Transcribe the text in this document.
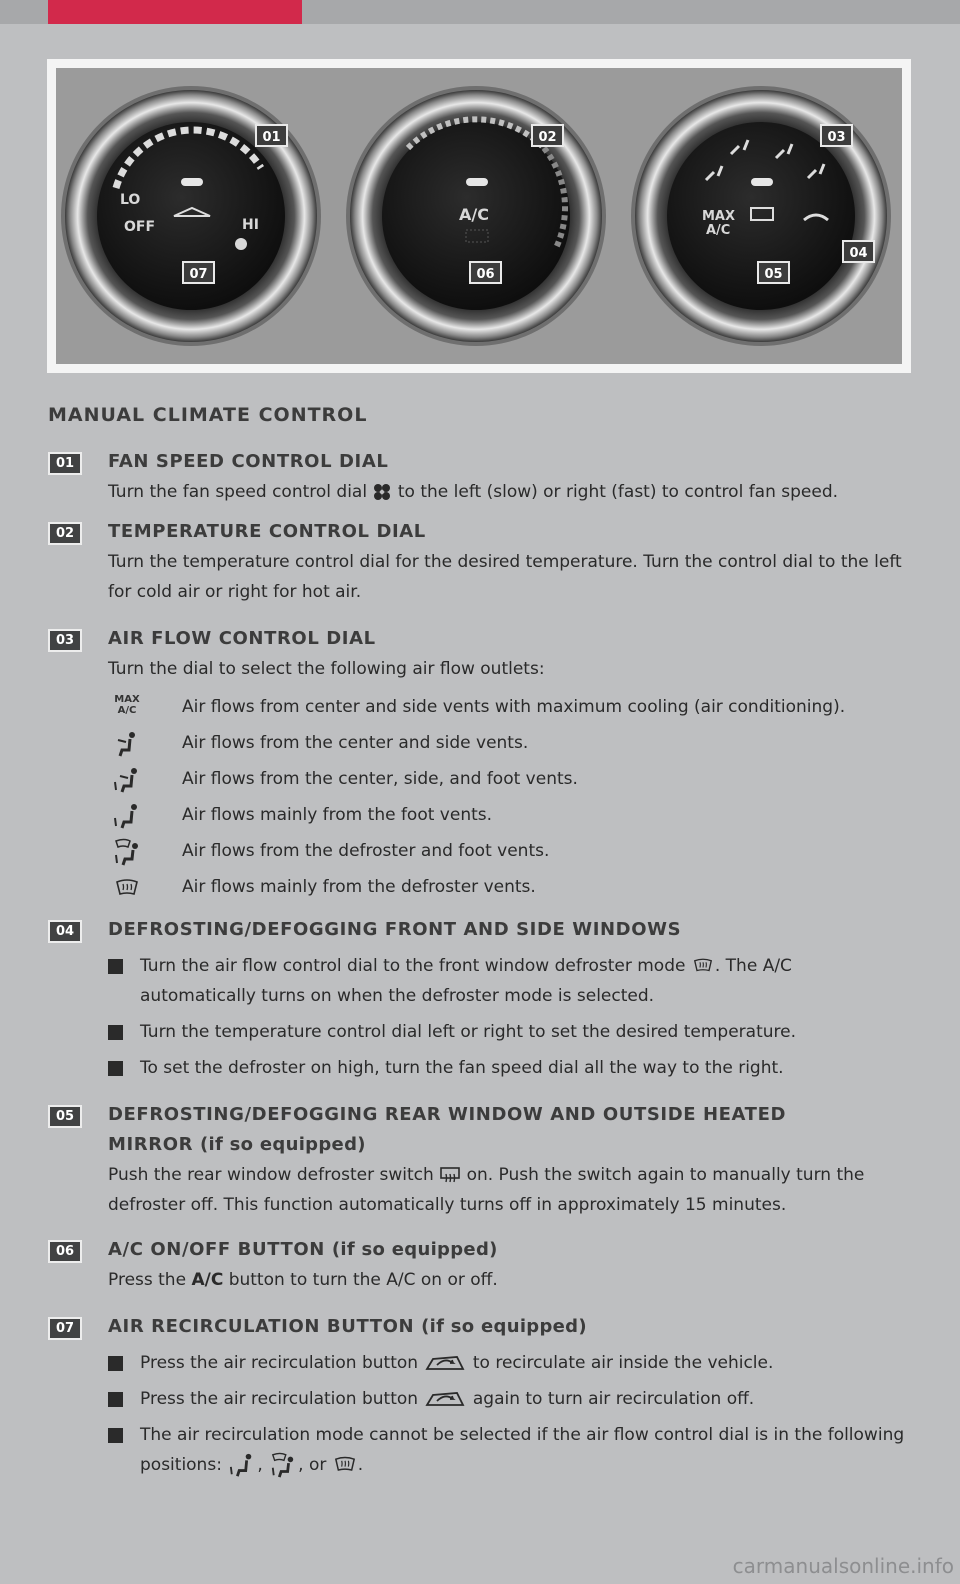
LO
OFF	HI
A/C	MAX
A/C
01	02	03
04
05
06
07
MANUAL CLIMATE CONTROL
01	FAN SPEED CONTROL DIAL
Turn the fan speed control dial to the left (slow) or right (fast) to control fan speed.
02	TEMPERATURE CONTROL DIAL
Turn the temperature control dial for the desired temperature. Turn the control dial to the left for cold air or right for hot air.
03	AIR FLOW CONTROL DIAL
Turn the dial to select the following air flow outlets:
MAX
A/C	Air flows from center and side vents with maximum cooling (air conditioning).
Air flows from the center and side vents.
Air flows from the center, side, and foot vents.
Air flows mainly from the foot vents.
Air flows from the defroster and foot vents.
Air flows mainly from the defroster vents.
04	DEFROSTING/DEFOGGING FRONT AND SIDE WINDOWS
Turn the air flow control dial to the front window defroster mode . The A/C automatically turns on when the defroster mode is selected.
Turn the temperature control dial left or right to set the desired temperature.
To set the defroster on high, turn the fan speed dial all the way to the right.
05	DEFROSTING/DEFOGGING REAR WINDOW AND OUTSIDE HEATED
MIRROR (if so equipped)
Push the rear window defroster switch on. Push the switch again to manually turn the defroster off. This function automatically turns off in approximately 15 minutes.
06	A/C ON/OFF BUTTON (if so equipped)
Press the A/C button to turn the A/C on or off.
07	AIR RECIRCULATION BUTTON (if so equipped)
Press the air recirculation button	to recirculate air inside the vehicle.
Press the air recirculation button	again to turn air recirculation off.
The air recirculation mode cannot be selected if the air flow control dial is in the following positions: , , or .
carmanualsonline.info
